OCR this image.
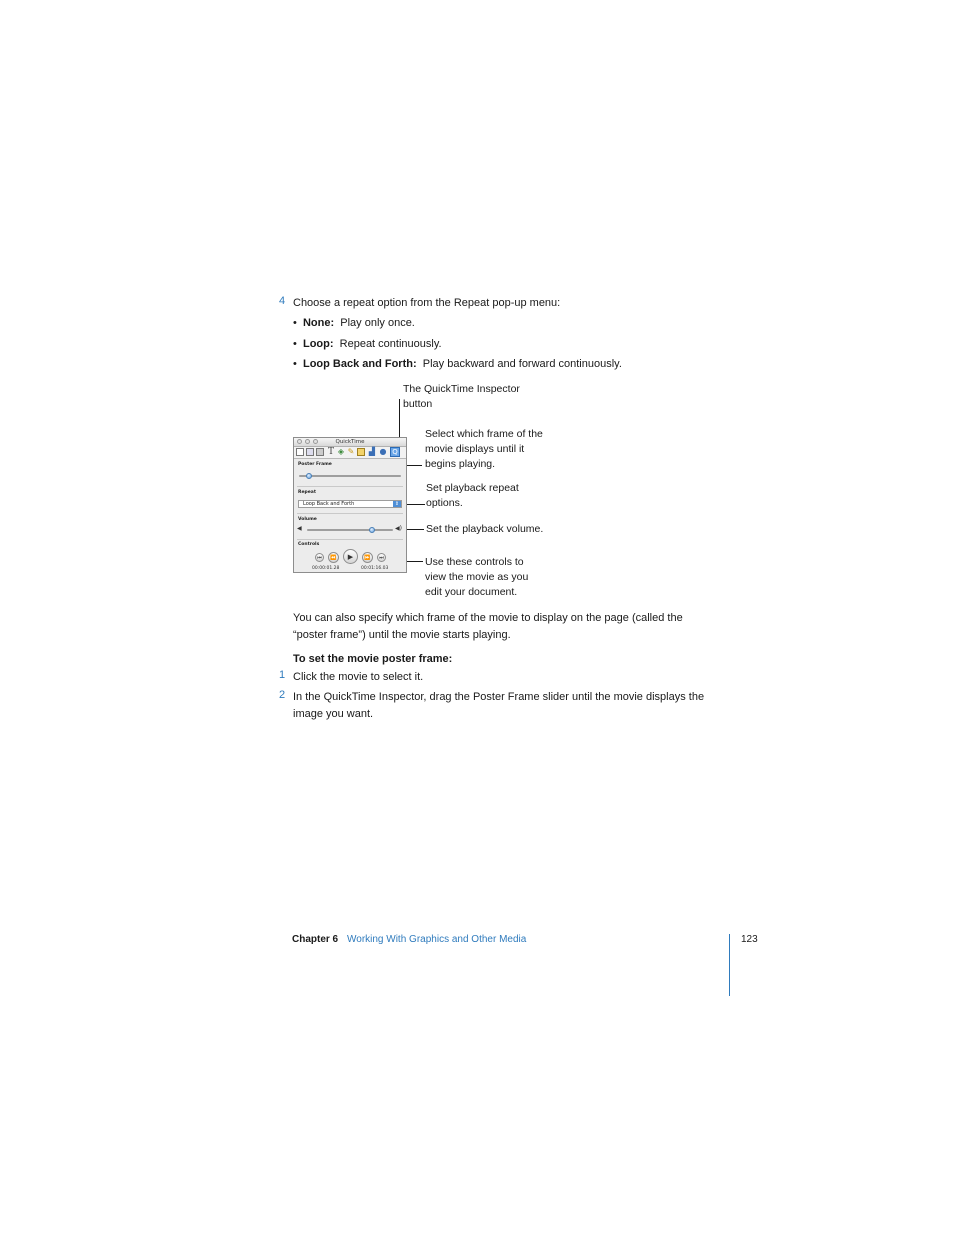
4 Choose a repeat option from the Repeat pop-up menu:
•  None: Play only once.
•  Loop: Repeat continuously.
•  Loop Back and Forth: Play backward and forward continuously.
The QuickTime Inspector
button
Select which frame of the
movie displays until it
begins playing.
Set playback repeat
options.
Set the playback volume.
Use these controls to
view the movie as you
edit your document.
QuickTime
T ◈ ✎ ▟ ● Q
Poster Frame
Repeat
Loop Back and Forth	⇕
Volume
◀	◀)
Controls
⏮	⏪	▶	⏩	⏭
00:00:01.28	00:01:16.03
You can also specify which frame of the movie to display on the page (called the
“poster frame”) until the movie starts playing.
To set the movie poster frame:
1 Click the movie to select it.
2 In the QuickTime Inspector, drag the Poster Frame slider until the movie displays the
image you want.
Chapter 6 Working With Graphics and Other Media	123
